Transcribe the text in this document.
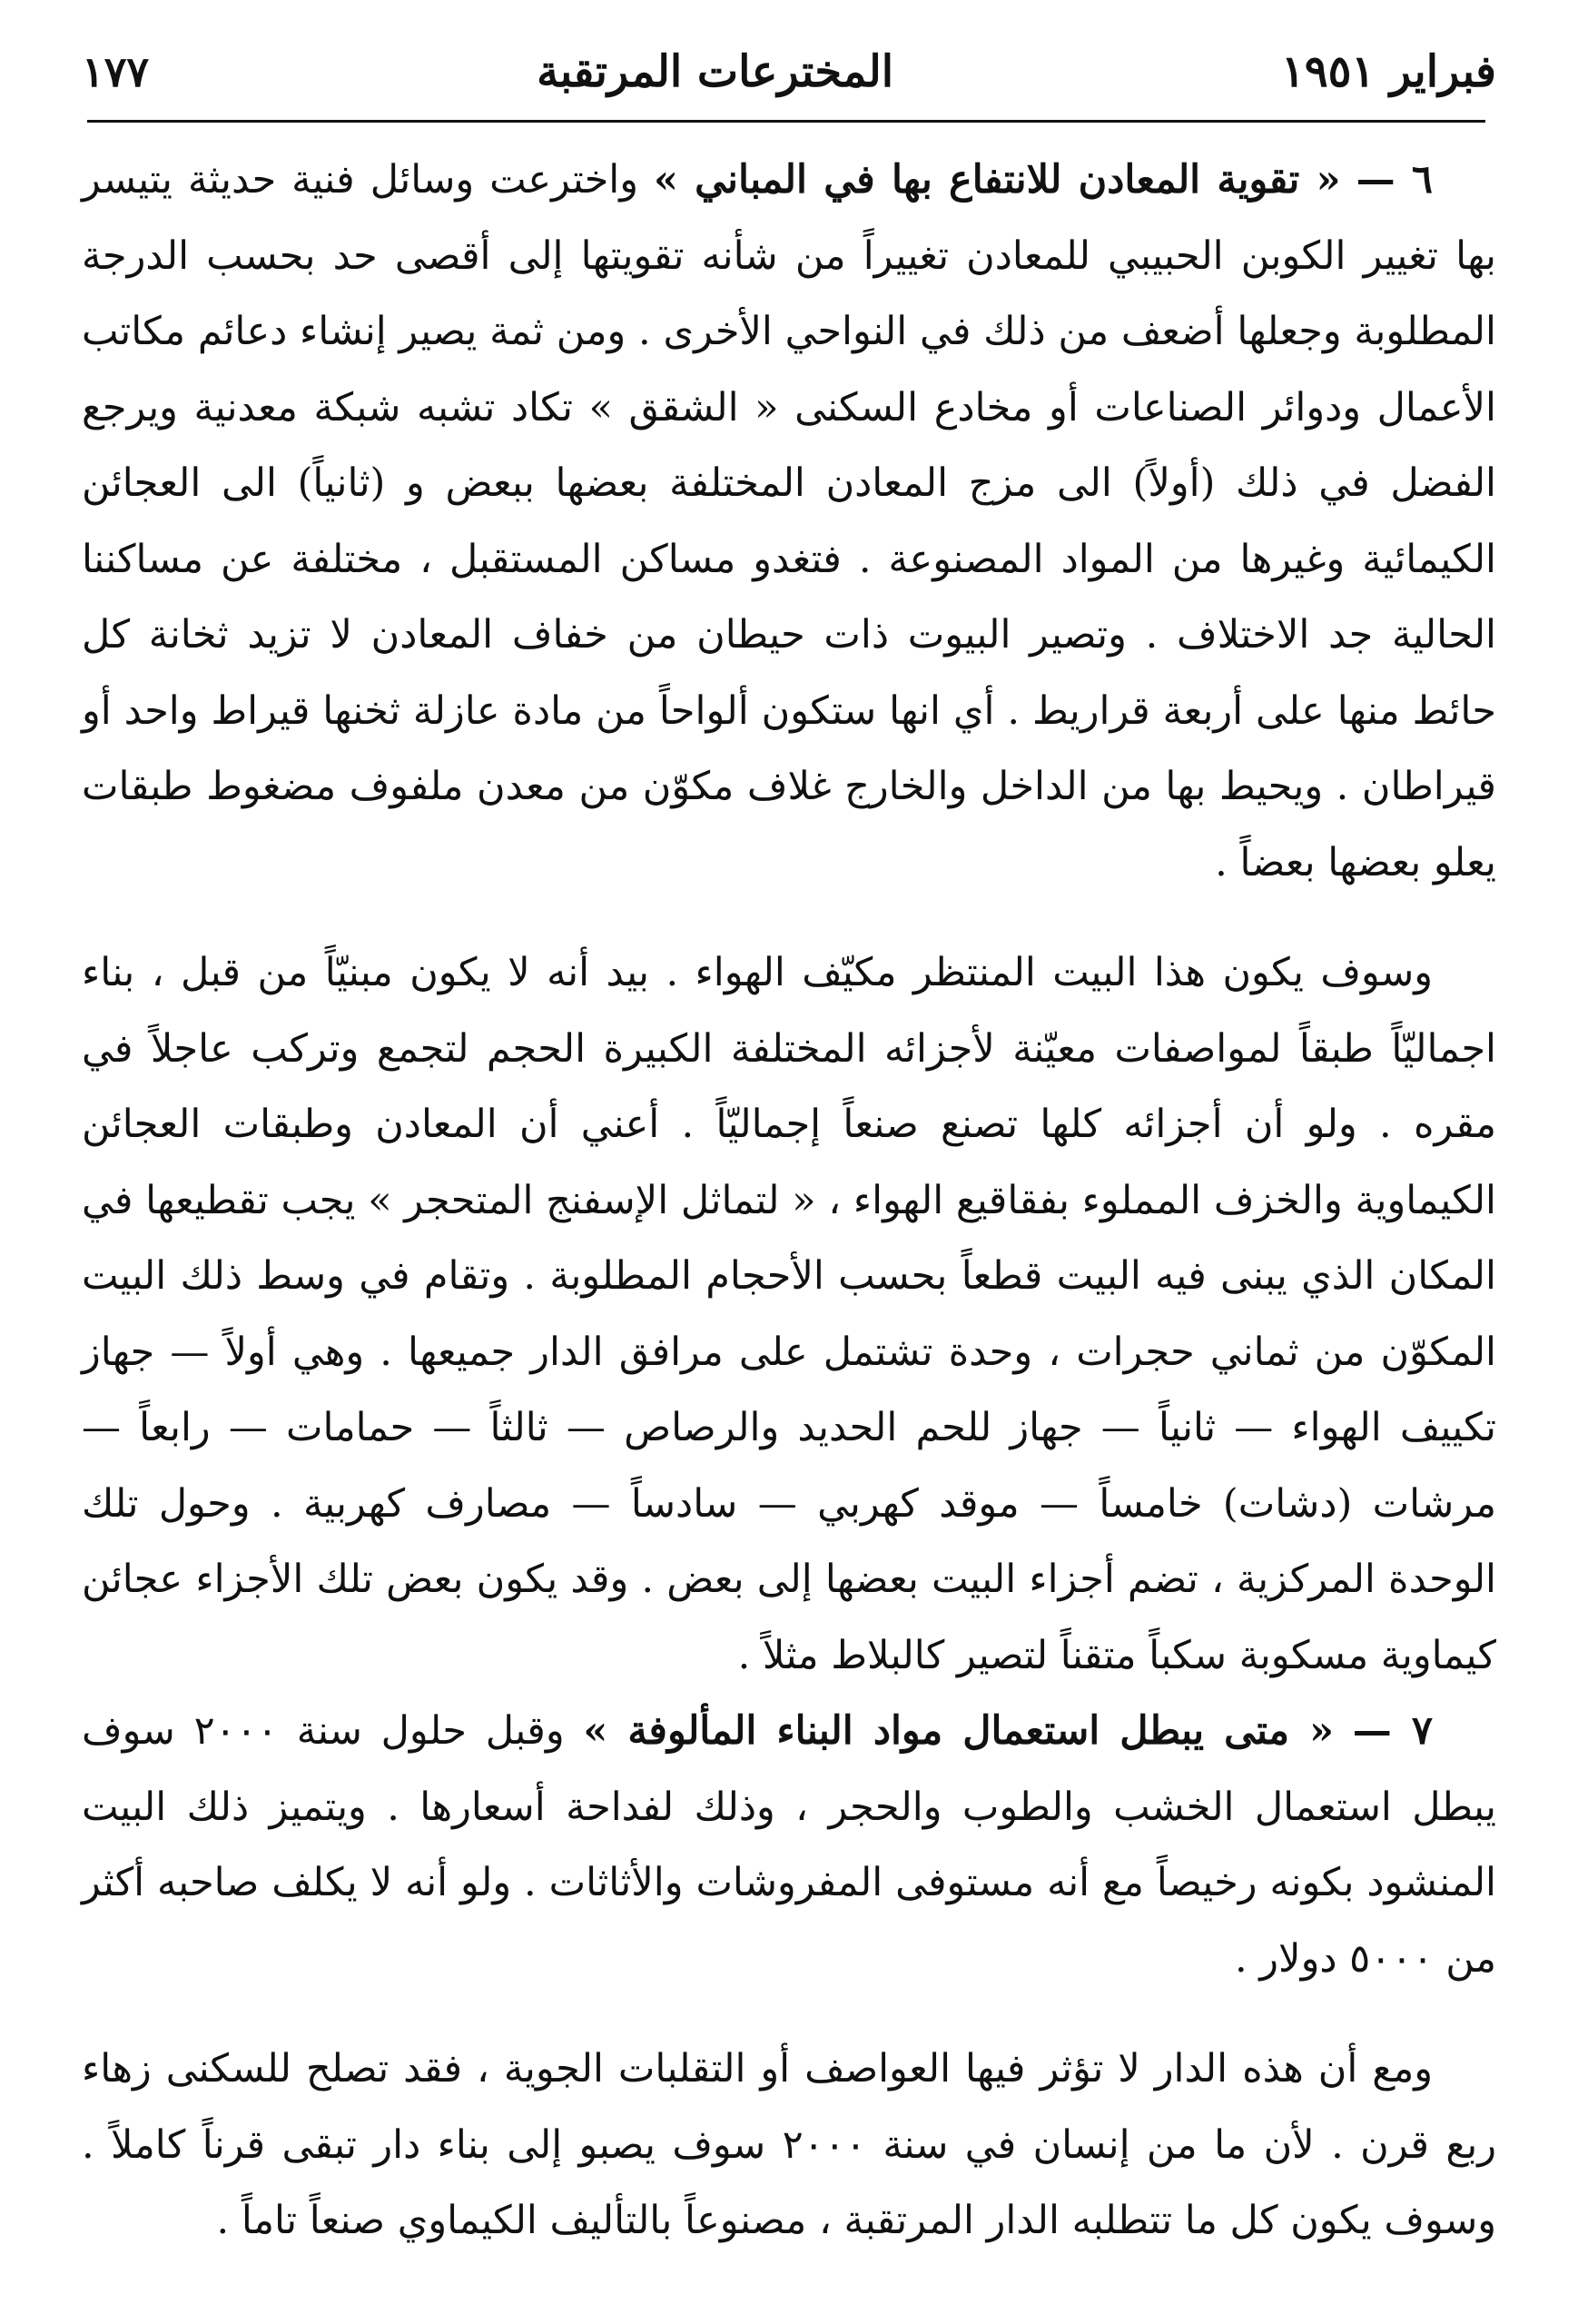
فبراير ١٩٥١
المخترعات المرتقبة
١٧٧

٦ — « تقوية المعادن للانتفاع بها في المباني » واخترعت وسائل فنية حديثة يتيسر بها تغيير الكوبن الحبيبي للمعادن تغييراً من شأنه تقويتها إلى أقصى حد بحسب الدرجة المطلوبة وجعلها أضعف من ذلك في النواحي الأخرى . ومن ثمة يصير إنشاء دعائم مكاتب الأعمال ودوائر الصناعات أو مخادع السكنى « الشقق » تكاد تشبه شبكة معدنية ويرجع الفضل في ذلك (أولاً) الى مزج المعادن المختلفة بعضها ببعض و (ثانياً) الى العجائن الكيمائية وغيرها من المواد المصنوعة . فتغدو مساكن المستقبل ، مختلفة عن مساكننا الحالية جد الاختلاف . وتصير البيوت ذات حيطان من خفاف المعادن لا تزيد ثخانة كل حائط منها على أربعة قراريط . أي انها ستكون ألواحاً من مادة عازلة ثخنها قيراط واحد أو قيراطان . ويحيط بها من الداخل والخارج غلاف مكوّن من معدن ملفوف مضغوط طبقات يعلو بعضها بعضاً .

وسوف يكون هذا البيت المنتظر مكيّف الهواء . بيد أنه لا يكون مبنيّاً من قبل ، بناء اجماليّاً طبقاً لمواصفات معيّنة لأجزائه المختلفة الكبيرة الحجم لتجمع وتركب عاجلاً في مقره . ولو أن أجزائه كلها تصنع صنعاً إجماليّاً . أعني أن المعادن وطبقات العجائن الكيماوية والخزف المملوء بفقاقيع الهواء ، « لتماثل الإسفنج المتحجر » يجب تقطيعها في المكان الذي يبنى فيه البيت قطعاً بحسب الأحجام المطلوبة . وتقام في وسط ذلك البيت المكوّن من ثماني حجرات ، وحدة تشتمل على مرافق الدار جميعها . وهي أولاً — جهاز تكييف الهواء — ثانياً — جهاز للحم الحديد والرصاص — ثالثاً — حمامات — رابعاً — مرشات (دشات) خامساً — موقد كهربي — سادساً — مصارف كهربية . وحول تلك الوحدة المركزية ، تضم أجزاء البيت بعضها إلى بعض . وقد يكون بعض تلك الأجزاء عجائن كيماوية مسكوبة سكباً متقناً لتصير كالبلاط مثلاً .

٧ — « متى يبطل استعمال مواد البناء المألوفة » وقبل حلول سنة ٢٠٠٠ سوف يبطل استعمال الخشب والطوب والحجر ، وذلك لفداحة أسعارها . ويتميز ذلك البيت المنشود بكونه رخيصاً مع أنه مستوفى المفروشات والأثاثات . ولو أنه لا يكلف صاحبه أكثر من ٥٠٠٠ دولار .

ومع أن هذه الدار لا تؤثر فيها العواصف أو التقلبات الجوية ، فقد تصلح للسكنى زهاء ربع قرن . لأن ما من إنسان في سنة ٢٠٠٠ سوف يصبو إلى بناء دار تبقى قرناً كاملاً . وسوف يكون كل ما تتطلبه الدار المرتقبة ، مصنوعاً بالتأليف الكيماوي صنعاً تاماً .
